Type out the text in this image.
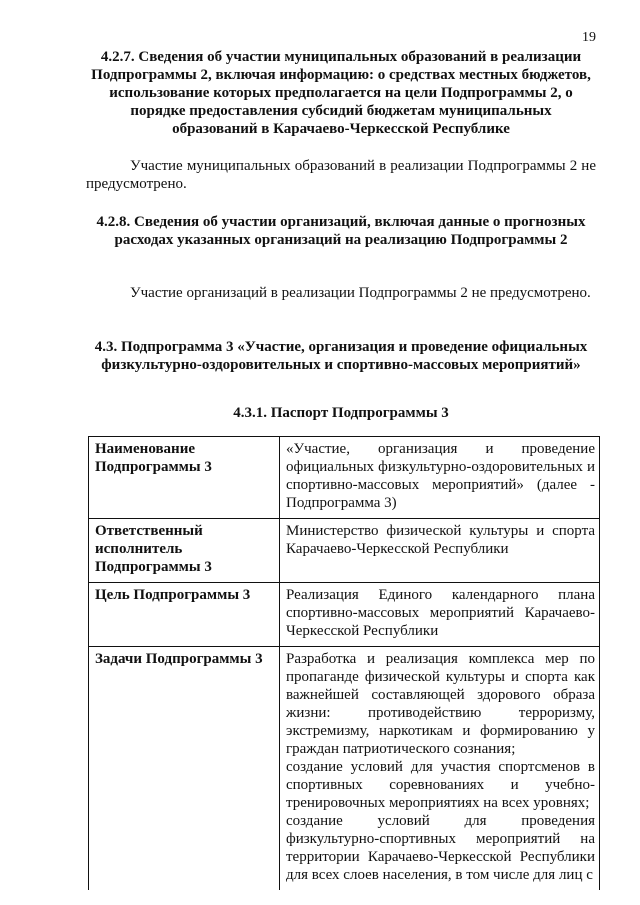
19
4.2.7. Сведения об участии муниципальных образований в реализации Подпрограммы 2, включая информацию: о средствах местных бюджетов, использование которых предполагается на цели Подпрограммы 2, о порядке предоставления субсидий бюджетам муниципальных образований в Карачаево-Черкесской Республике
Участие муниципальных образований в реализации Подпрограммы 2 не предусмотрено.
4.2.8. Сведения об участии организаций, включая данные о прогнозных расходах указанных организаций на реализацию Подпрограммы 2
Участие организаций в реализации Подпрограммы 2 не предусмотрено.
4.3. Подпрограмма 3 «Участие, организация и проведение официальных физкультурно-оздоровительных и спортивно-массовых мероприятий»
4.3.1. Паспорт Подпрограммы 3
Наименование Подпрограммы 3	«Участие, организация и проведение официальных физкультурно-оздоровительных и спортивно-массовых мероприятий» (далее - Подпрограмма 3)
Ответственный исполнитель Подпрограммы 3	Министерство физической культуры и спорта Карачаево-Черкесской Республики
Цель Подпрограммы 3	Реализация Единого календарного плана спортивно-массовых мероприятий Карачаево-Черкесской Республики
Задачи Подпрограммы 3	Разработка и реализация комплекса мер по пропаганде физической культуры и спорта как важнейшей составляющей здорового образа жизни: противодействию терроризму, экстремизму, наркотикам и формированию у граждан патриотического сознания;
создание условий для участия спортсменов в спортивных соревнованиях и учебно-тренировочных мероприятиях на всех уровнях;
создание условий для проведения физкультурно-спортивных мероприятий на территории Карачаево-Черкесской Республики для всех слоев населения, в том числе для лиц с
